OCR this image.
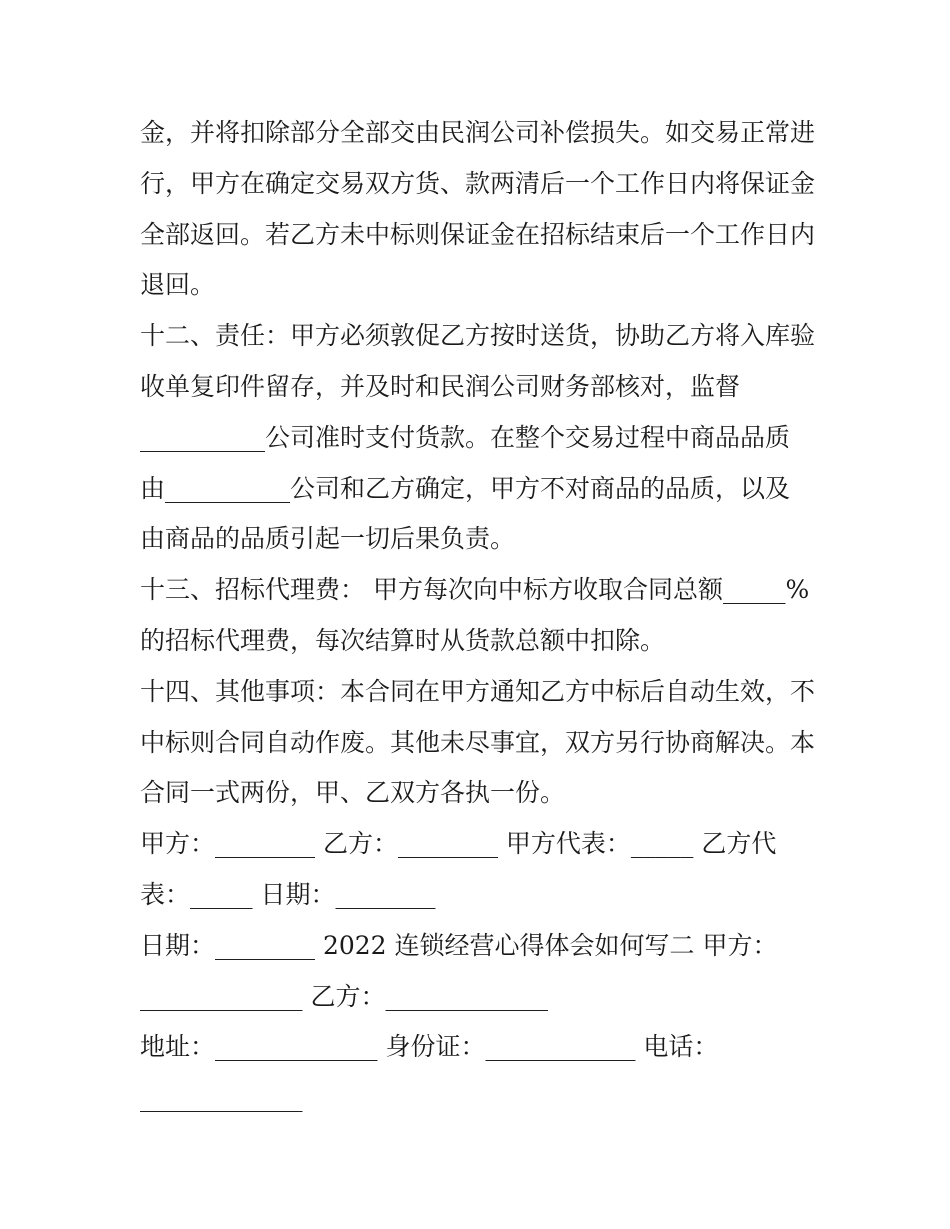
金，并将扣除部分全部交由民润公司补偿损失。如交易正常进
行，甲方在确定交易双方货、款两清后一个工作日内将保证金
全部返回。若乙方未中标则保证金在招标结束后一个工作日内
退回。
十二、责任：甲方必须敦促乙方按时送货，协助乙方将入库验
收单复印件留存，并及时和民润公司财务部核对，监督
__________公司准时支付货款。在整个交易过程中商品品质
由__________公司和乙方确定，甲方不对商品的品质，以及
由商品的品质引起一切后果负责。
十三、招标代理费： 甲方每次向中标方收取合同总额_____%
的招标代理费，每次结算时从货款总额中扣除。
十四、其他事项：本合同在甲方通知乙方中标后自动生效，不
中标则合同自动作废。其他未尽事宜，双方另行协商解决。本
合同一式两份，甲、乙双方各执一份。
甲方：________ 乙方：________ 甲方代表：_____ 乙方代
表：_____ 日期：________
日期：________ 2022 连锁经营心得体会如何写二 甲方：
_____________ 乙方：_____________
地址：_____________ 身份证：____________ 电话：
_____________
